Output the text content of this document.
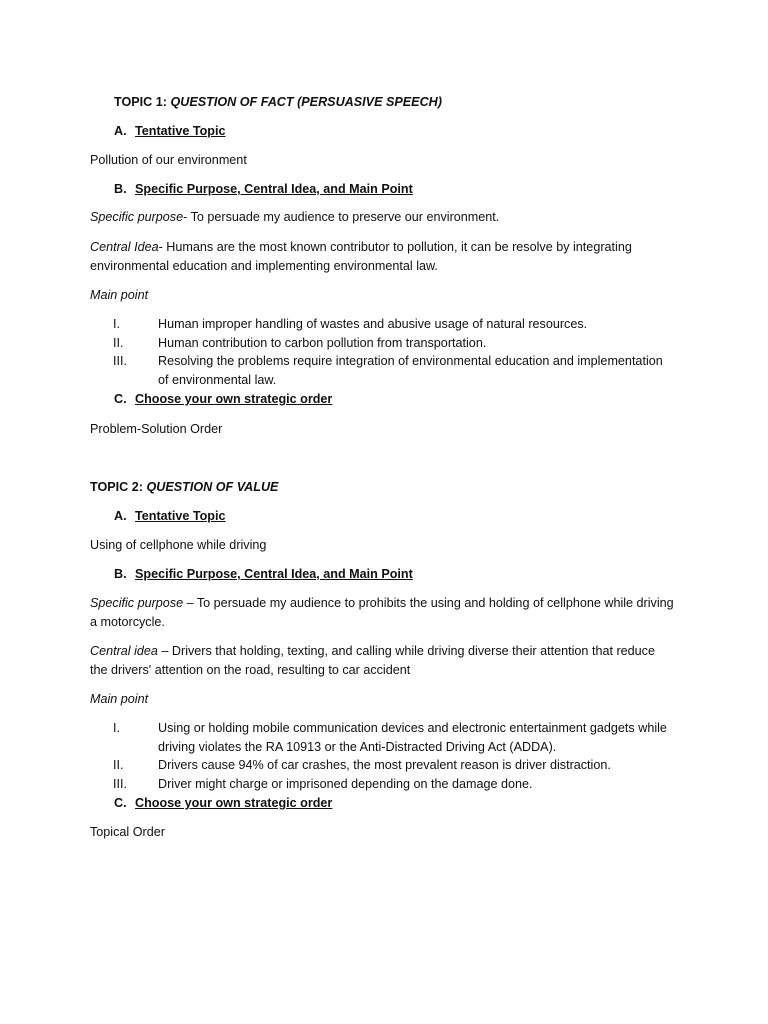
TOPIC 1: QUESTION OF FACT (PERSUASIVE SPEECH)
A. Tentative Topic
Pollution of our environment
B. Specific Purpose, Central Idea, and Main Point
Specific purpose- To persuade my audience to preserve our environment.
Central Idea- Humans are the most known contributor to pollution, it can be resolve by integrating
environmental education and implementing environmental law.
Main point
I.	Human improper handling of wastes and abusive usage of natural resources.
II.	Human contribution to carbon pollution from transportation.
III.	Resolving the problems require integration of environmental education and implementation
of environmental law.
C. Choose your own strategic order
Problem-Solution Order
TOPIC 2: QUESTION OF VALUE
A. Tentative Topic
Using of cellphone while driving
B. Specific Purpose, Central Idea, and Main Point
Specific purpose – To persuade my audience to prohibits the using and holding of cellphone while driving
a motorcycle.
Central idea – Drivers that holding, texting, and calling while driving diverse their attention that reduce
the drivers' attention on the road, resulting to car accident
Main point
I.	Using or holding mobile communication devices and electronic entertainment gadgets while
driving violates the RA 10913 or the Anti-Distracted Driving Act (ADDA).
II.	Drivers cause 94% of car crashes, the most prevalent reason is driver distraction.
III.	Driver might charge or imprisoned depending on the damage done.
C. Choose your own strategic order
Topical Order
